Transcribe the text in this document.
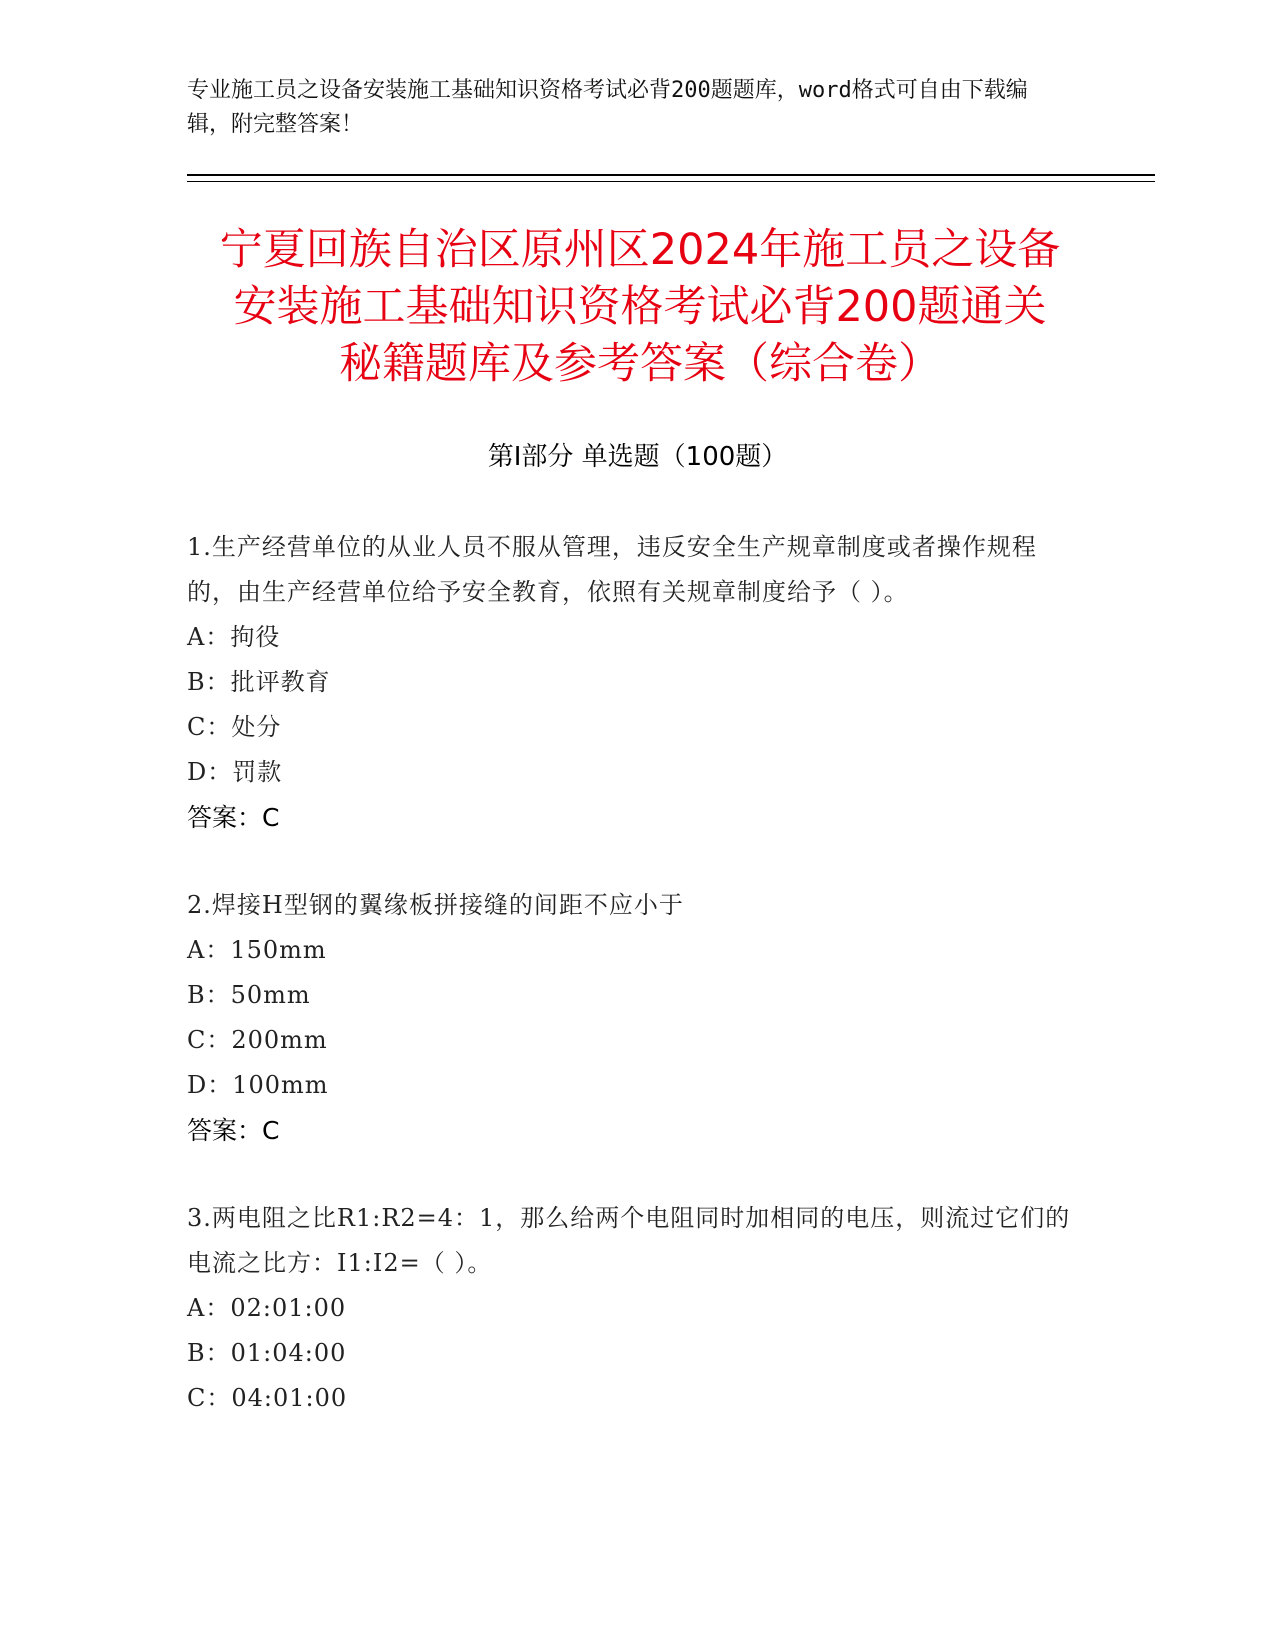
专业施工员之设备安装施工基础知识资格考试必背200题题库，word格式可自由下载编辑，附完整答案！
宁夏回族自治区原州区2024年施工员之设备
安装施工基础知识资格考试必背200题通关
秘籍题库及参考答案（综合卷）
第Ⅰ部分 单选题（100题）
1.生产经营单位的从业人员不服从管理，违反安全生产规章制度或者操作规程的，由生产经营单位给予安全教育，依照有关规章制度给予（ ）。
A：拘役
B：批评教育
C：处分
D：罚款
答案：C
2.焊接H型钢的翼缘板拼接缝的间距不应小于
A：150mm
B：50mm
C：200mm
D：100mm
答案：C
3.两电阻之比R1:R2=4：1，那么给两个电阻同时加相同的电压，则流过它们的电流之比方：I1:I2=（ ）。
A：02:01:00
B：01:04:00
C：04:01:00
